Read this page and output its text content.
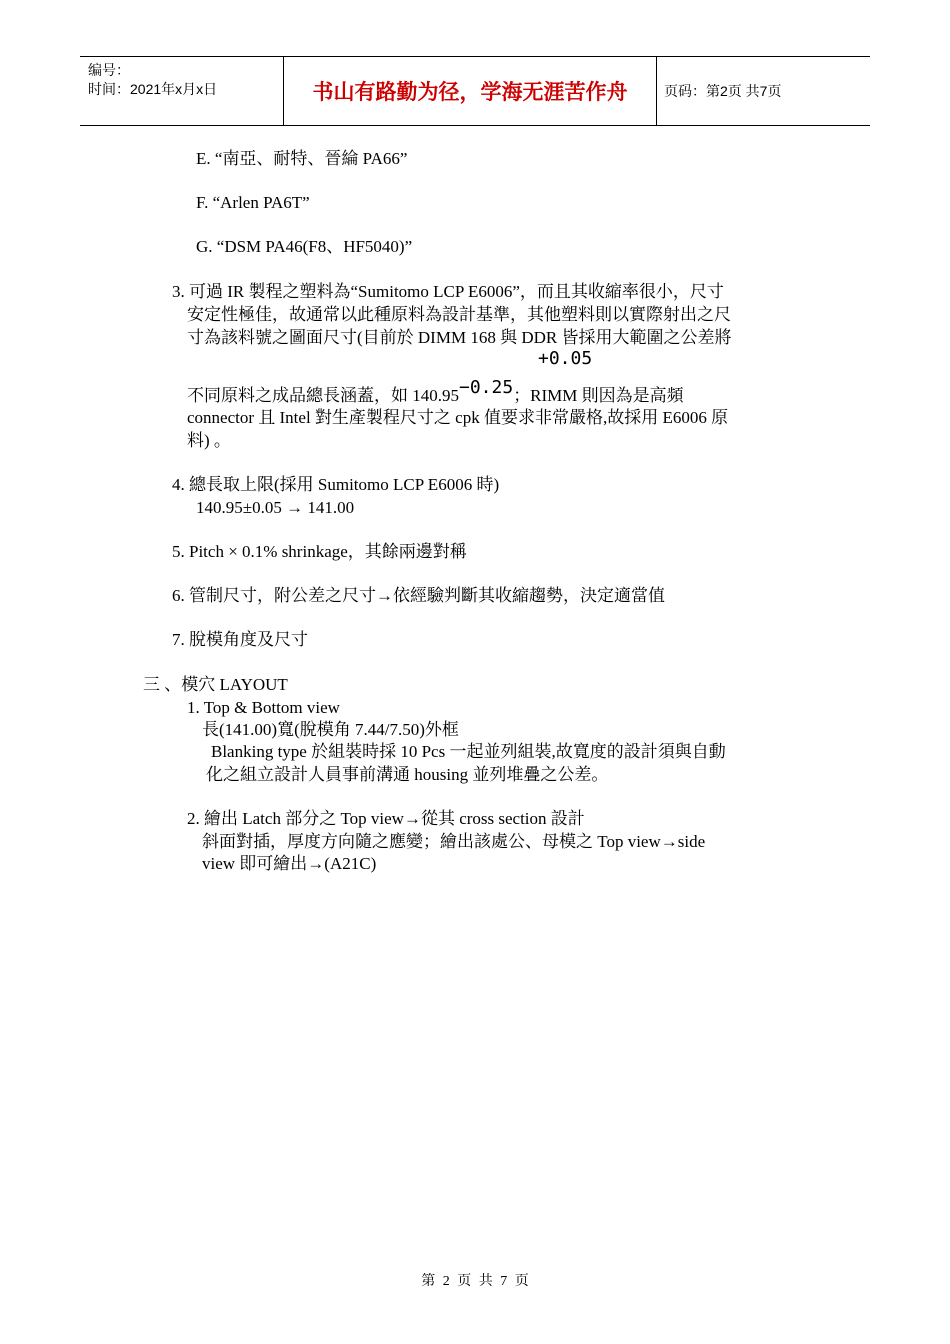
编号：
时间：2021年x月x日	书山有路勤为径，学海无涯苦作舟	页码：第2页 共7页
E. “南亞、耐特、晉綸 PA66”
F. “Arlen PA6T”
G. “DSM PA46(F8、HF5040)”
3. 可過 IR 製程之塑料為“Sumitomo LCP E6006”，而且其收縮率很小，尺寸
安定性極佳，故通常以此種原料為設計基準，其他塑料則以實際射出之尺
寸為該料號之圖面尺寸(目前於 DIMM 168 與 DDR 皆採用大範圍之公差將
+0.05
不同原料之成品總長涵蓋，如 140.95−0.25；RIMM 則因為是高頻
connector 且 Intel 對生產製程尺寸之 cpk 值要求非常嚴格,故採用 E6006 原
料) 。
4. 總長取上限(採用 Sumitomo LCP E6006 時)
140.95±0.05 → 141.00
5. Pitch × 0.1% shrinkage，其餘兩邊對稱
6. 管制尺寸，附公差之尺寸→依經驗判斷其收縮趨勢，決定適當值
7. 脫模角度及尺寸
三 、模穴 LAYOUT
1. Top & Bottom view
長(141.00)寬(脫模角 7.44/7.50)外框
Blanking type 於組裝時採 10 Pcs 一起並列組裝,故寬度的設計須與自動
化之組立設計人員事前溝通 housing 並列堆疊之公差。
2. 繪出 Latch 部分之 Top view→從其 cross section 設計
斜面對插，厚度方向隨之應變；繪出該處公、母模之 Top view→side
view 即可繪出→(A21C)
第 2 页 共 7 页
